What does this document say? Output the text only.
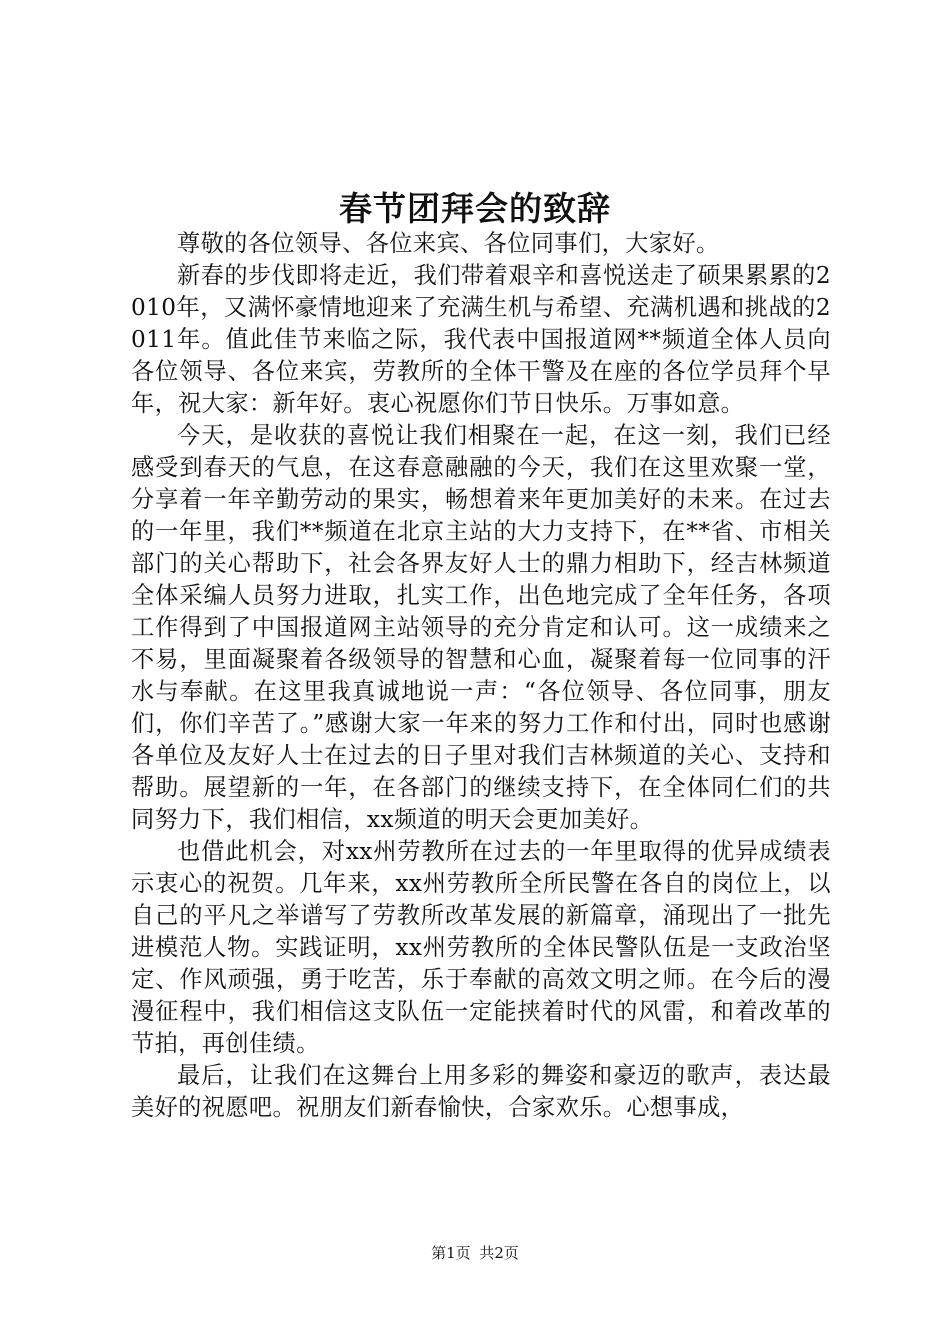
春节团拜会的致辞

尊敬的各位领导、各位来宾、各位同事们，大家好。

新春的步伐即将走近，我们带着艰辛和喜悦送走了硕果累累的2010年，又满怀豪情地迎来了充满生机与希望、充满机遇和挑战的2011年。值此佳节来临之际，我代表中国报道网**频道全体人员向各位领导、各位来宾，劳教所的全体干警及在座的各位学员拜个早年，祝大家：新年好。衷心祝愿你们节日快乐。万事如意。

今天，是收获的喜悦让我们相聚在一起，在这一刻，我们已经感受到春天的气息，在这春意融融的今天，我们在这里欢聚一堂，分享着一年辛勤劳动的果实，畅想着来年更加美好的未来。在过去的一年里，我们**频道在北京主站的大力支持下，在**省、市相关部门的关心帮助下，社会各界友好人士的鼎力相助下，经吉林频道全体采编人员努力进取，扎实工作，出色地完成了全年任务，各项工作得到了中国报道网主站领导的充分肯定和认可。这一成绩来之不易，里面凝聚着各级领导的智慧和心血，凝聚着每一位同事的汗水与奉献。在这里我真诚地说一声：“各位领导、各位同事，朋友们，你们辛苦了。”感谢大家一年来的努力工作和付出，同时也感谢各单位及友好人士在过去的日子里对我们吉林频道的关心、支持和帮助。展望新的一年，在各部门的继续支持下，在全体同仁们的共同努力下，我们相信，xx频道的明天会更加美好。

也借此机会，对xx州劳教所在过去的一年里取得的优异成绩表示衷心的祝贺。几年来，xx州劳教所全所民警在各自的岗位上，以自己的平凡之举谱写了劳教所改革发展的新篇章，涌现出了一批先进模范人物。实践证明，xx州劳教所的全体民警队伍是一支政治坚定、作风顽强，勇于吃苦，乐于奉献的高效文明之师。在今后的漫漫征程中，我们相信这支队伍一定能挟着时代的风雷，和着改革的节拍，再创佳绩。

最后，让我们在这舞台上用多彩的舞姿和豪迈的歌声，表达最美好的祝愿吧。祝朋友们新春愉快，合家欢乐。心想事成，

第1页 共2页
